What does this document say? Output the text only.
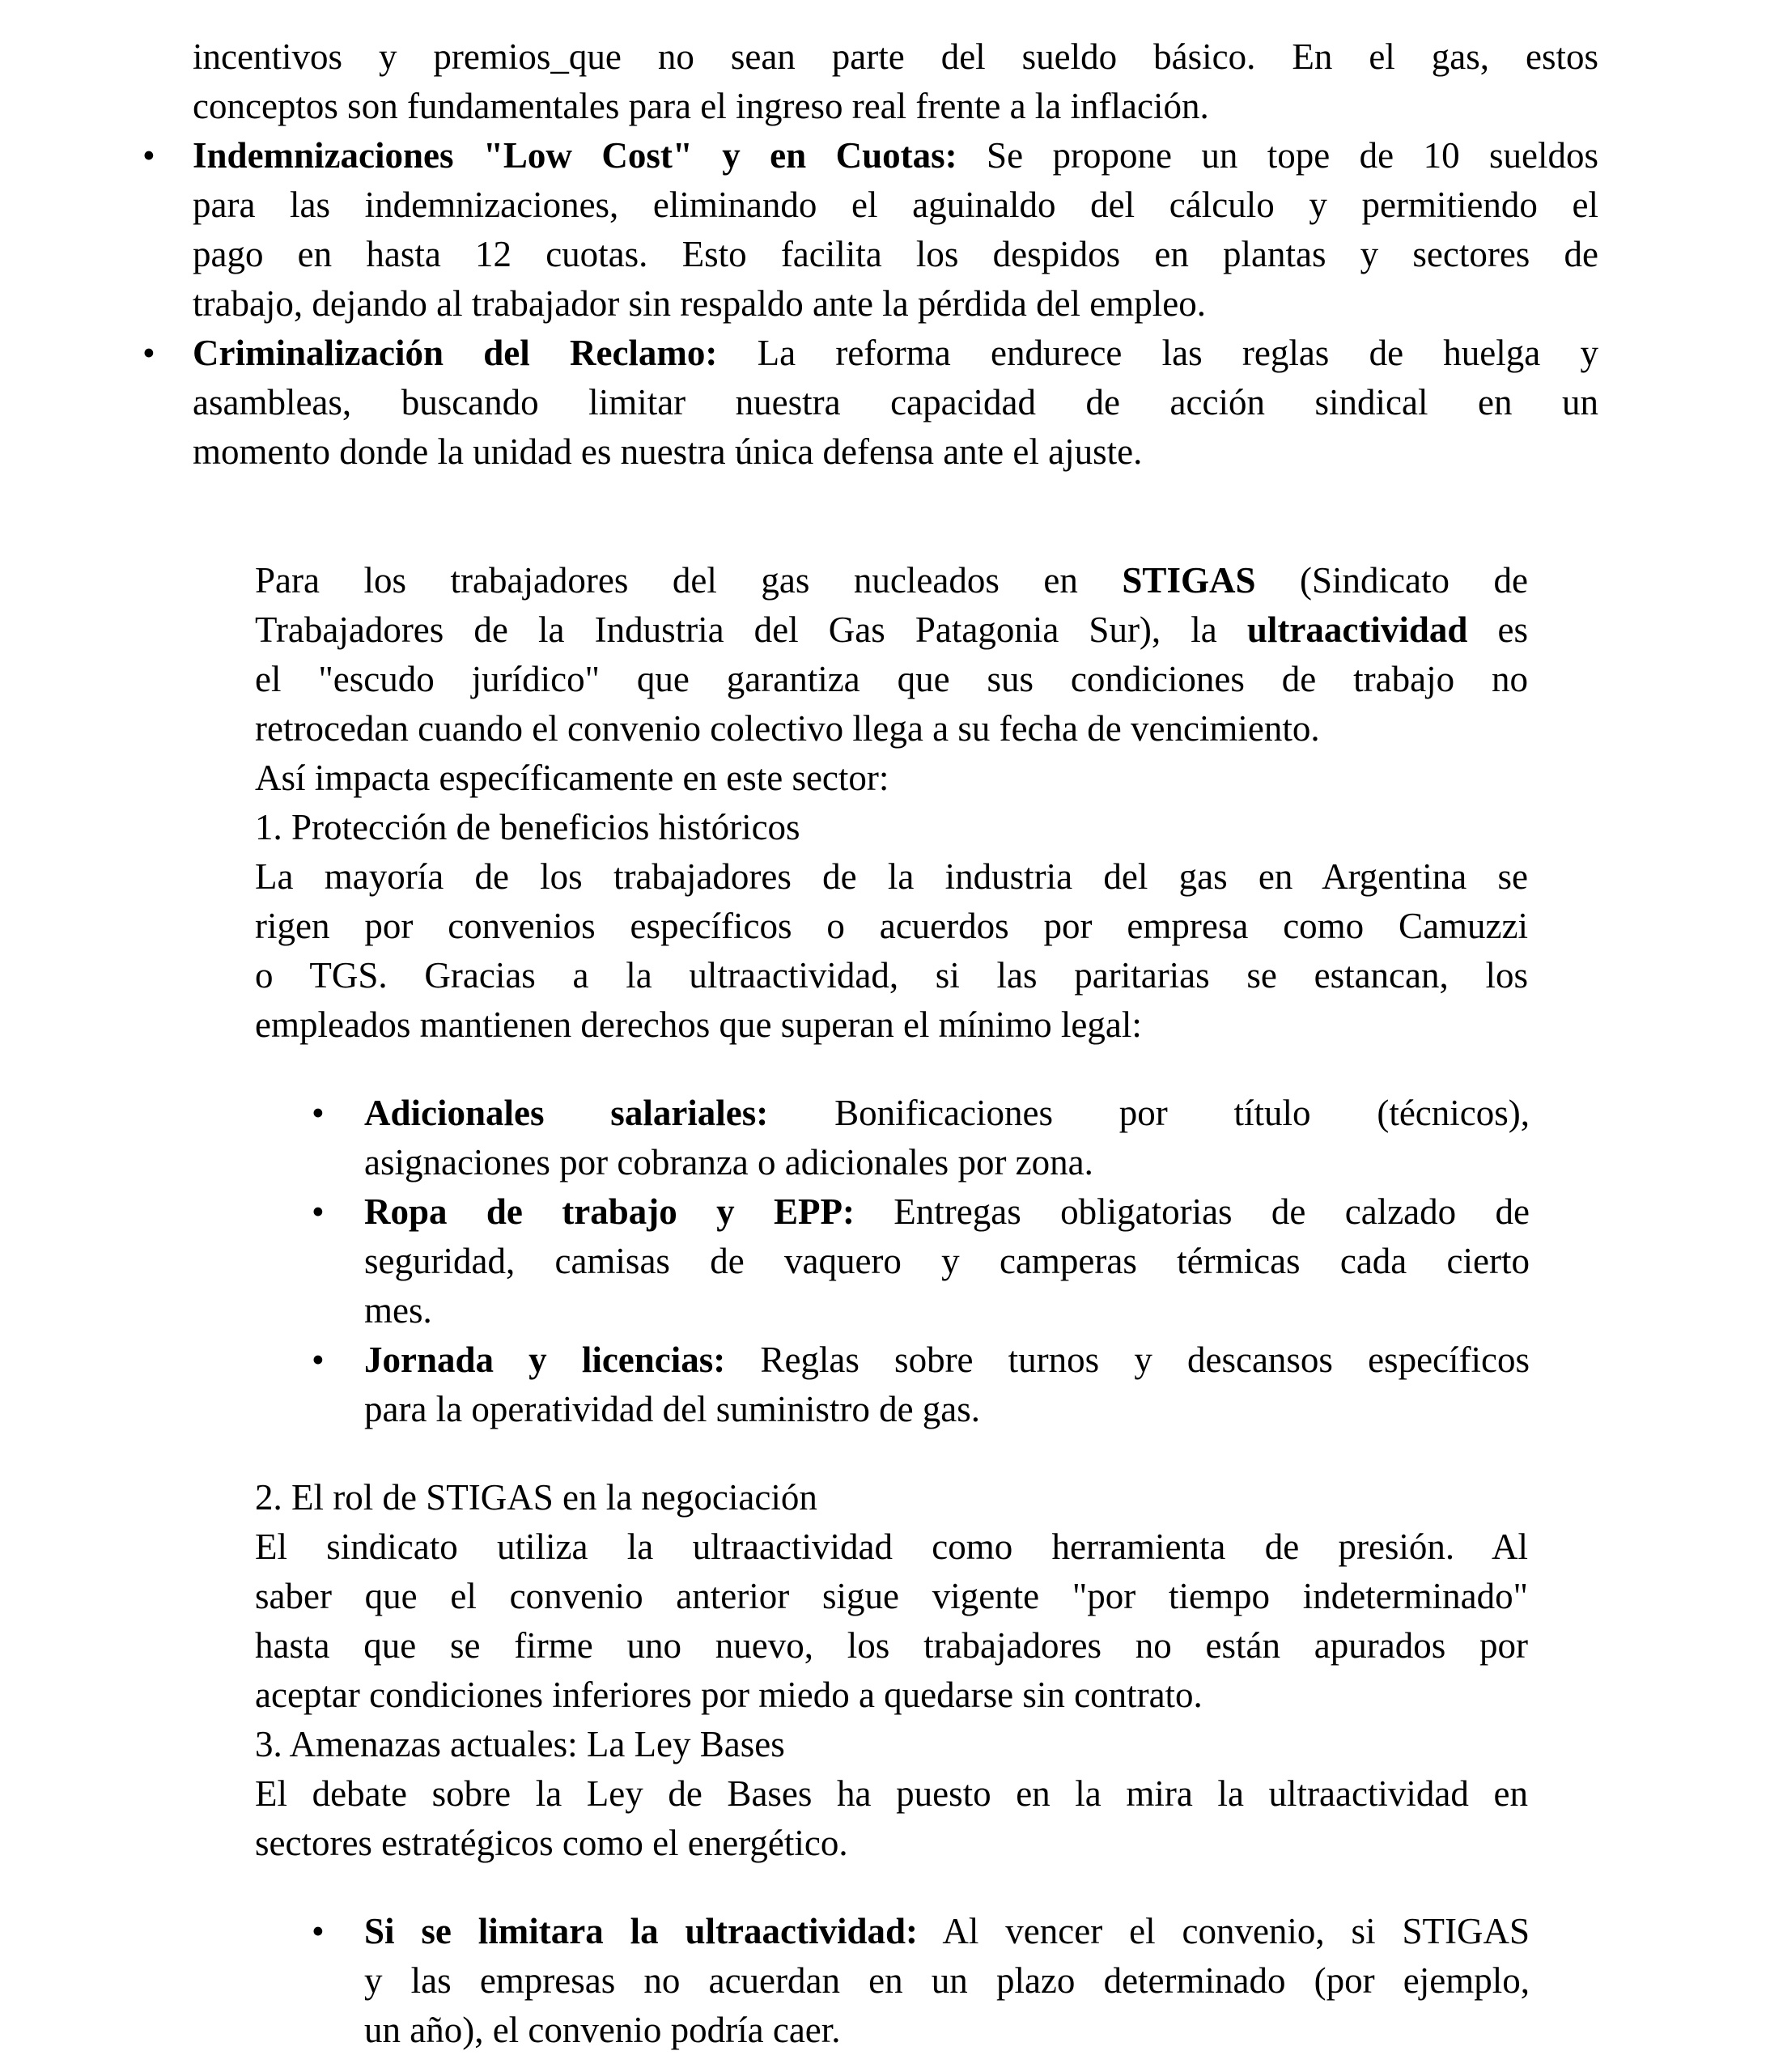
incentivos y premios_que no sean parte del sueldo básico. En el gas, estos
conceptos son fundamentales para el ingreso real frente a la inflación.
• Indemnizaciones "Low Cost" y en Cuotas: Se propone un tope de 10 sueldos
para las indemnizaciones, eliminando el aguinaldo del cálculo y permitiendo el
pago en hasta 12 cuotas. Esto facilita los despidos en plantas y sectores de
trabajo, dejando al trabajador sin respaldo ante la pérdida del empleo.
• Criminalización del Reclamo: La reforma endurece las reglas de huelga y
asambleas, buscando limitar nuestra capacidad de acción sindical en un
momento donde la unidad es nuestra única defensa ante el ajuste.
Para los trabajadores del gas nucleados en STIGAS (Sindicato de
Trabajadores de la Industria del Gas Patagonia Sur), la ultraactividad es
el "escudo jurídico" que garantiza que sus condiciones de trabajo no
retrocedan cuando el convenio colectivo llega a su fecha de vencimiento.
Así impacta específicamente en este sector:
1. Protección de beneficios históricos
La mayoría de los trabajadores de la industria del gas en Argentina se
rigen por convenios específicos o acuerdos por empresa como Camuzzi
o TGS. Gracias a la ultraactividad, si las paritarias se estancan, los
empleados mantienen derechos que superan el mínimo legal:
• Adicionales salariales: Bonificaciones por título (técnicos),
asignaciones por cobranza o adicionales por zona.
• Ropa de trabajo y EPP: Entregas obligatorias de calzado de
seguridad, camisas de vaquero y camperas térmicas cada cierto
mes.
• Jornada y licencias: Reglas sobre turnos y descansos específicos
para la operatividad del suministro de gas.
2. El rol de STIGAS en la negociación
El sindicato utiliza la ultraactividad como herramienta de presión. Al
saber que el convenio anterior sigue vigente "por tiempo indeterminado"
hasta que se firme uno nuevo, los trabajadores no están apurados por
aceptar condiciones inferiores por miedo a quedarse sin contrato.
3. Amenazas actuales: La Ley Bases
El debate sobre la Ley de Bases ha puesto en la mira la ultraactividad en
sectores estratégicos como el energético.
• Si se limitara la ultraactividad: Al vencer el convenio, si STIGAS
y las empresas no acuerdan en un plazo determinado (por ejemplo,
un año), el convenio podría caer.
